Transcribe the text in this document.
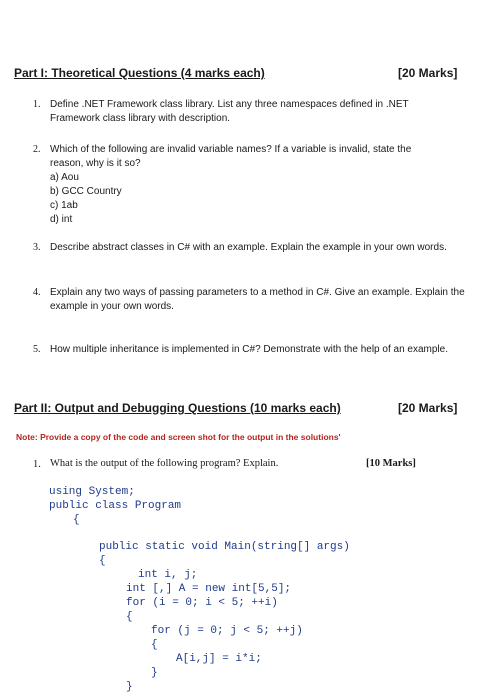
Part I: Theoretical Questions (4 marks each)	[20 Marks]
1. Define .NET Framework class library. List any three namespaces defined in .NET Framework class library with description.
2. Which of the following are invalid variable names? If a variable is invalid, state the reason, why is it so?
a) Aou
b) GCC Country
c) 1ab
d) int
3. Describe abstract classes in C# with an example. Explain the example in your own words.
4. Explain any two ways of passing parameters to a method in C#. Give an example. Explain the example in your own words.
5. How multiple inheritance is implemented in C#? Demonstrate with the help of an example.
Part II: Output and Debugging Questions (10 marks each)	[20 Marks]
Note: Provide a copy of the code and screen shot for the output in the solutions'
1. What is the output of the following program? Explain.	[10 Marks]
using System;
public class Program
{
public static void Main(string[] args)
{
int i, j;
int [,] A = new int[5,5];
for (i = 0; i < 5; ++i)
{
for (j = 0; j < 5; ++j)
{
A[i,j] = i*i;
}
}
